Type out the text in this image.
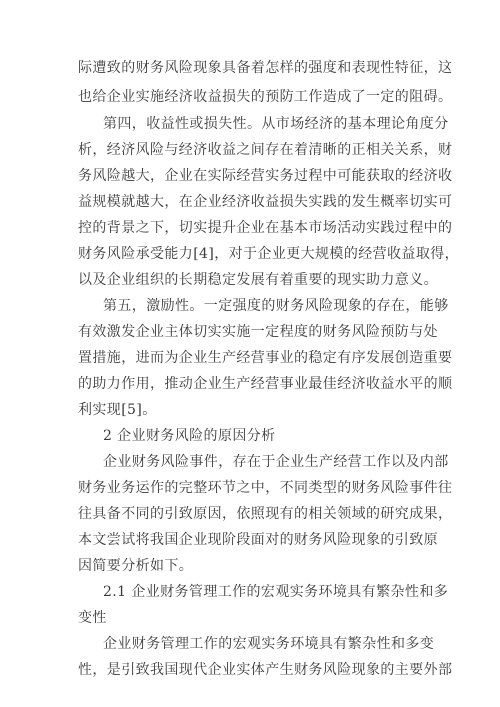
际遭致的财务风险现象具备着怎样的强度和表现性特征，这
也给企业实施经济收益损失的预防工作造成了一定的阻碍。
第四，收益性或损失性。从市场经济的基本理论角度分
析，经济风险与经济收益之间存在着清晰的正相关关系，财
务风险越大，企业在实际经营实务过程中可能获取的经济收
益规模就越大，在企业经济收益损失实践的发生概率切实可
控的背景之下，切实提升企业在基本市场活动实践过程中的
财务风险承受能力[4]，对于企业更大规模的经营收益取得，
以及企业组织的长期稳定发展有着重要的现实助力意义。
第五，激励性。一定强度的财务风险现象的存在，能够
有效激发企业主体切实实施一定程度的财务风险预防与处
置措施，进而为企业生产经营事业的稳定有序发展创造重要
的助力作用，推动企业生产经营事业最佳经济收益水平的顺
利实现[5]。
2 企业财务风险的原因分析
企业财务风险事件，存在于企业生产经营工作以及内部
财务业务运作的完整环节之中，不同类型的财务风险事件往
往具备不同的引致原因，依照现有的相关领域的研究成果，
本文尝试将我国企业现阶段面对的财务风险现象的引致原
因简要分析如下。
2.1 企业财务管理工作的宏观实务环境具有繁杂性和多
变性
企业财务管理工作的宏观实务环境具有繁杂性和多变
性，是引致我国现代企业实体产生财务风险现象的主要外部
